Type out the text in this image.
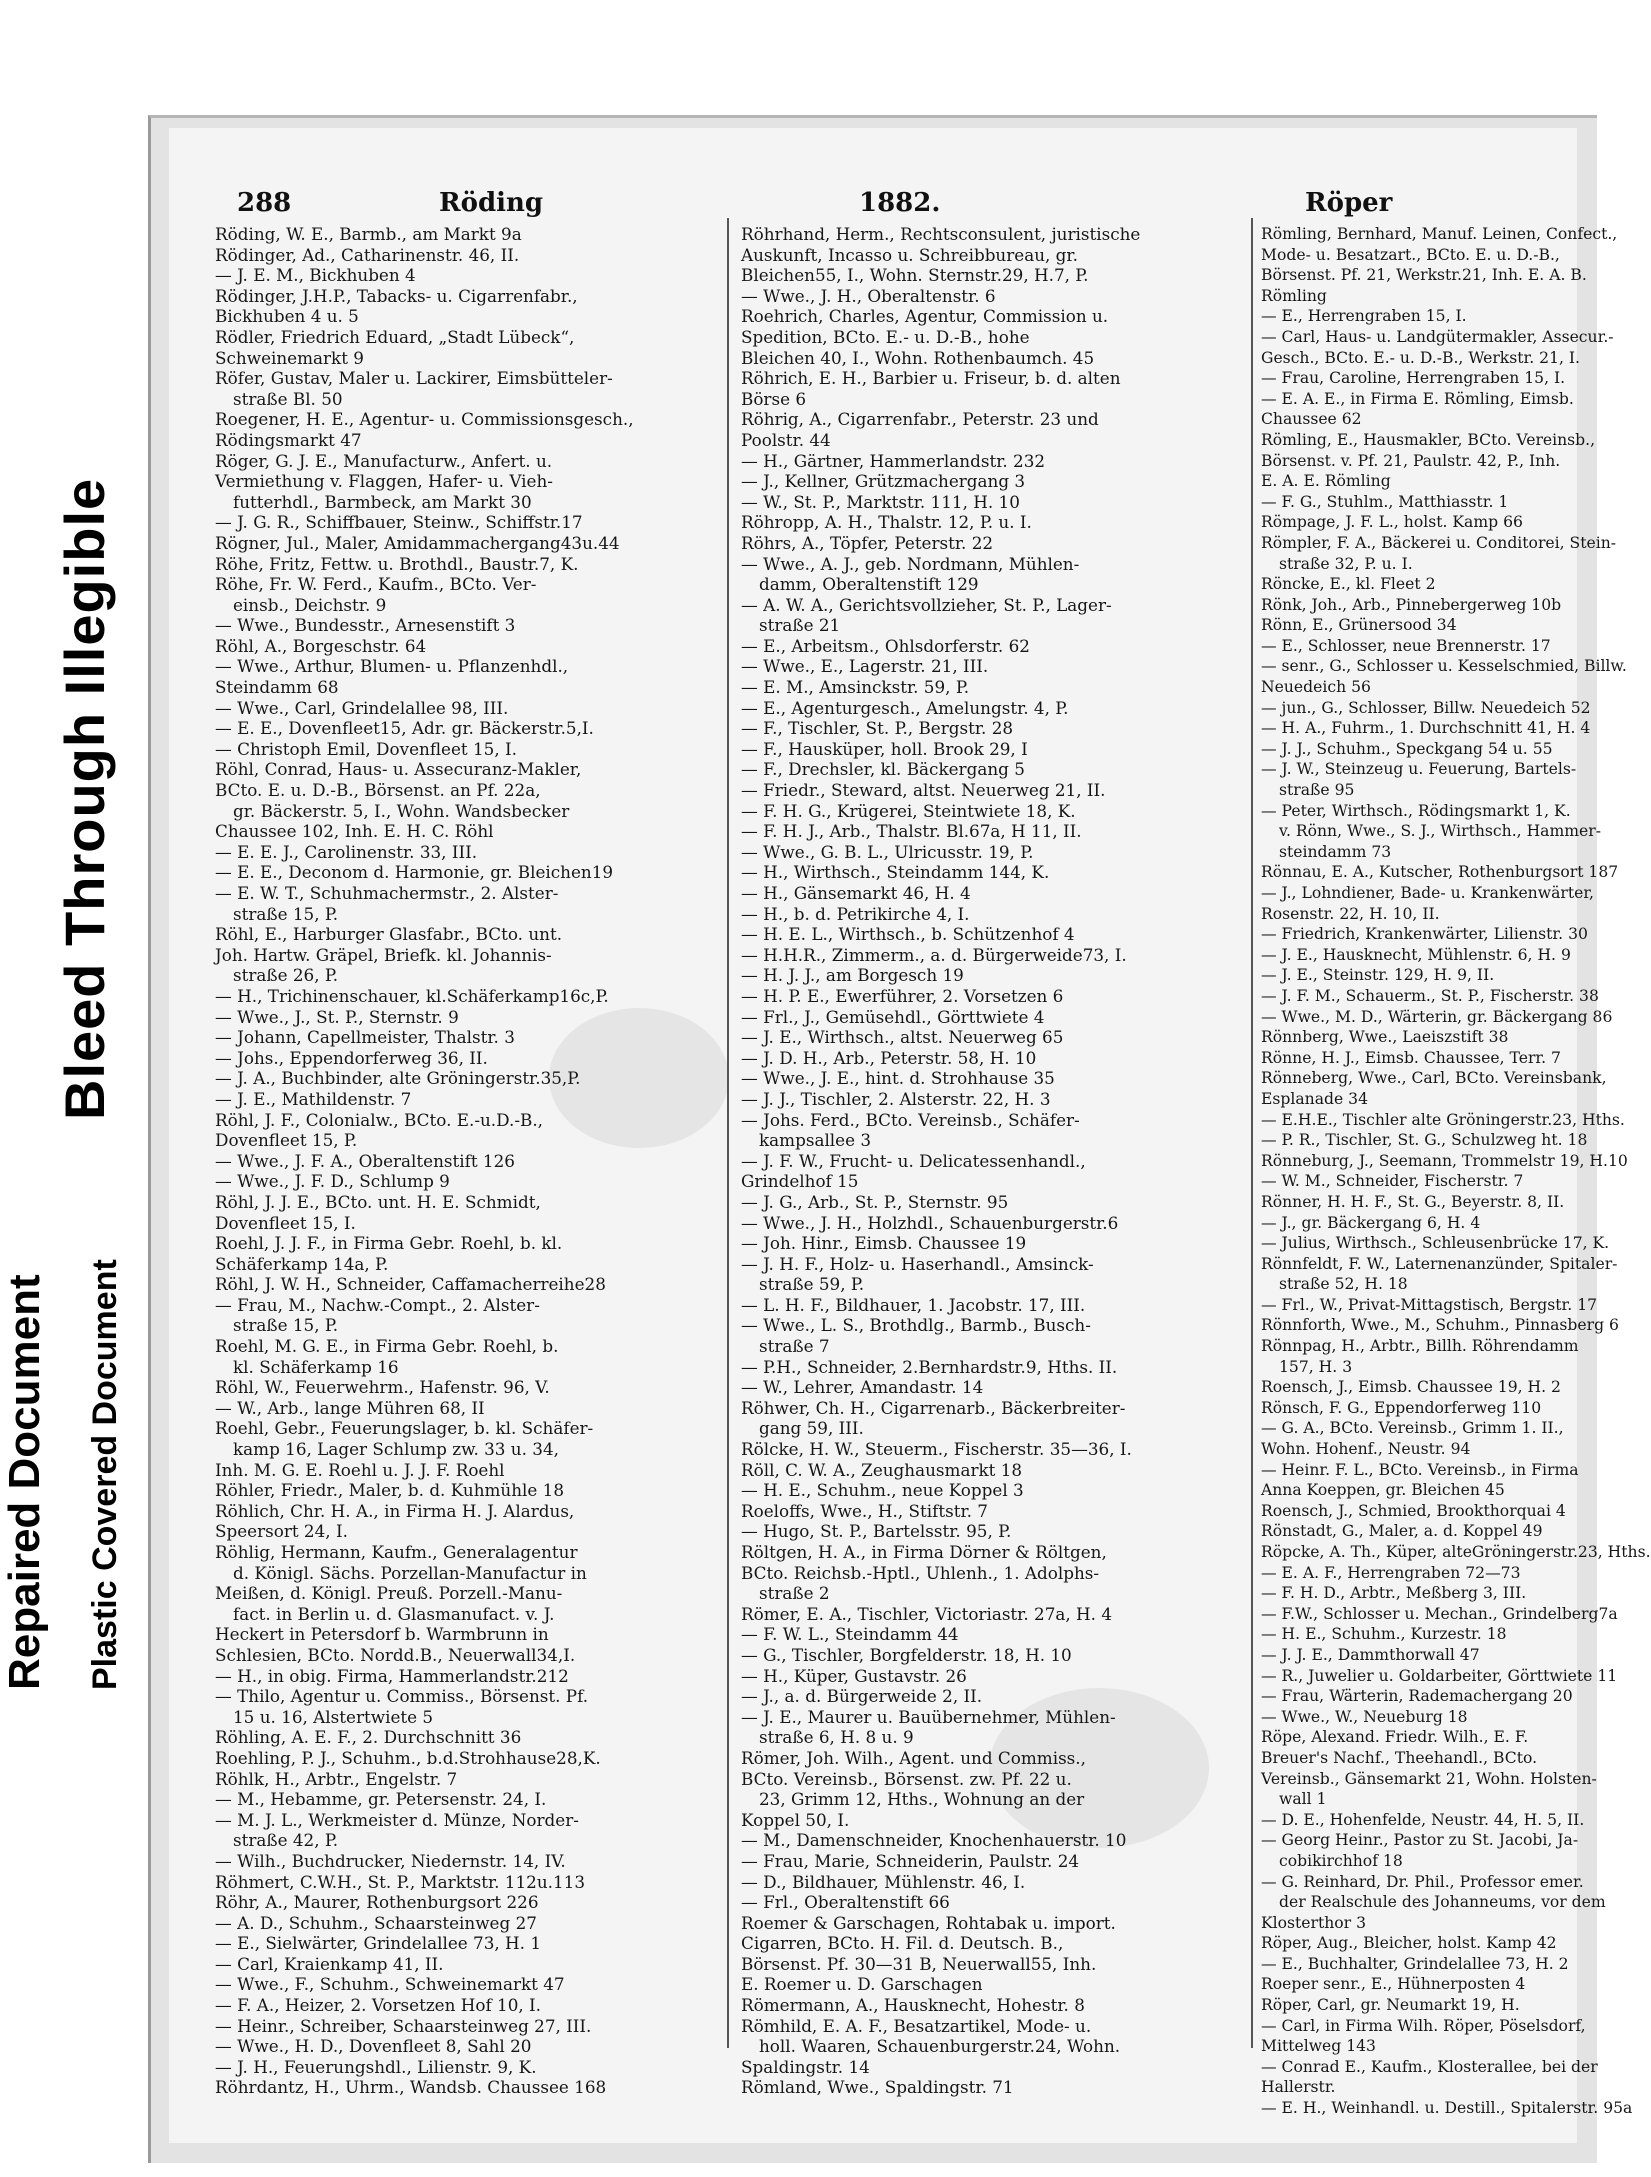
Repaired Document Plastic Covered Document
Bleed Through Illegible
288	Röding	1882.	Röper
Röding, W. E., Barmb., am Markt 9a
Rödinger, Ad., Catharinenstr. 46, II.
— J. E. M., Bickhuben 4
Rödinger, J.H.P., Tabacks- u. Cigarrenfabr.,
Bickhuben 4 u. 5
Rödler, Friedrich Eduard, „Stadt Lübeck“,
Schweinemarkt 9
Röfer, Gustav, Maler u. Lackirer, Eimsbütteler-
straße Bl. 50
Roegener, H. E., Agentur- u. Commissionsgesch.,
Rödingsmarkt 47
Röger, G. J. E., Manufacturw., Anfert. u.
Vermiethung v. Flaggen, Hafer- u. Vieh-
futterhdl., Barmbeck, am Markt 30
— J. G. R., Schiffbauer, Steinw., Schiffstr.17
Rögner, Jul., Maler, Amidammachergang43u.44
Röhe, Fritz, Fettw. u. Brothdl., Baustr.7, K.
Röhe, Fr. W. Ferd., Kaufm., BCto. Ver-
einsb., Deichstr. 9
— Wwe., Bundesstr., Arnesenstift 3
Röhl, A., Borgeschstr. 64
— Wwe., Arthur, Blumen- u. Pflanzenhdl.,
Steindamm 68
— Wwe., Carl, Grindelallee 98, III.
— E. E., Dovenfleet15, Adr. gr. Bäckerstr.5,I.
— Christoph Emil, Dovenfleet 15, I.
Röhl, Conrad, Haus- u. Assecuranz-Makler,
BCto. E. u. D.-B., Börsenst. an Pf. 22a,
gr. Bäckerstr. 5, I., Wohn. Wandsbecker
Chaussee 102, Inh. E. H. C. Röhl
— E. E. J., Carolinenstr. 33, III.
— E. E., Deconom d. Harmonie, gr. Bleichen19
— E. W. T., Schuhmachermstr., 2. Alster-
straße 15, P.
Röhl, E., Harburger Glasfabr., BCto. unt.
Joh. Hartw. Gräpel, Briefk. kl. Johannis-
straße 26, P.
— H., Trichinenschauer, kl.Schäferkamp16c,P.
— Wwe., J., St. P., Sternstr. 9
— Johann, Capellmeister, Thalstr. 3
— Johs., Eppendorferweg 36, II.
— J. A., Buchbinder, alte Gröningerstr.35,P.
— J. E., Mathildenstr. 7
Röhl, J. F., Colonialw., BCto. E.-u.D.-B.,
Dovenfleet 15, P.
— Wwe., J. F. A., Oberaltenstift 126
— Wwe., J. F. D., Schlump 9
Röhl, J. J. E., BCto. unt. H. E. Schmidt,
Dovenfleet 15, I.
Roehl, J. J. F., in Firma Gebr. Roehl, b. kl.
Schäferkamp 14a, P.
Röhl, J. W. H., Schneider, Caffamacherreihe28
— Frau, M., Nachw.-Compt., 2. Alster-
straße 15, P.
Roehl, M. G. E., in Firma Gebr. Roehl, b.
kl. Schäferkamp 16
Röhl, W., Feuerwehrm., Hafenstr. 96, V.
— W., Arb., lange Mühren 68, II
Roehl, Gebr., Feuerungslager, b. kl. Schäfer-
kamp 16, Lager Schlump zw. 33 u. 34,
Inh. M. G. E. Roehl u. J. J. F. Roehl
Röhler, Friedr., Maler, b. d. Kuhmühle 18
Röhlich, Chr. H. A., in Firma H. J. Alardus,
Speersort 24, I.
Röhlig, Hermann, Kaufm., Generalagentur
d. Königl. Sächs. Porzellan-Manufactur in
Meißen, d. Königl. Preuß. Porzell.-Manu-
fact. in Berlin u. d. Glasmanufact. v. J.
Heckert in Petersdorf b. Warmbrunn in
Schlesien, BCto. Nordd.B., Neuerwall34,I.
— H., in obig. Firma, Hammerlandstr.212
— Thilo, Agentur u. Commiss., Börsenst. Pf.
15 u. 16, Alstertwiete 5
Röhling, A. E. F., 2. Durchschnitt 36
Roehling, P. J., Schuhm., b.d.Strohhause28,K.
Röhlk, H., Arbtr., Engelstr. 7
— M., Hebamme, gr. Petersenstr. 24, I.
— M. J. L., Werkmeister d. Münze, Norder-
straße 42, P.
— Wilh., Buchdrucker, Niedernstr. 14, IV.
Röhmert, C.W.H., St. P., Marktstr. 112u.113
Röhr, A., Maurer, Rothenburgsort 226
— A. D., Schuhm., Schaarsteinweg 27
— E., Sielwärter, Grindelallee 73, H. 1
— Carl, Kraienkamp 41, II.
— Wwe., F., Schuhm., Schweinemarkt 47
— F. A., Heizer, 2. Vorsetzen Hof 10, I.
— Heinr., Schreiber, Schaarsteinweg 27, III.
— Wwe., H. D., Dovenfleet 8, Sahl 20
— J. H., Feuerungshdl., Lilienstr. 9, K.
Röhrdantz, H., Uhrm., Wandsb. Chaussee 168
Röhrhand, Herm., Rechtsconsulent, juristische
Auskunft, Incasso u. Schreibbureau, gr.
Bleichen55, I., Wohn. Sternstr.29, H.7, P.
— Wwe., J. H., Oberaltenstr. 6
Roehrich, Charles, Agentur, Commission u.
Spedition, BCto. E.- u. D.-B., hohe
Bleichen 40, I., Wohn. Rothenbaumch. 45
Röhrich, E. H., Barbier u. Friseur, b. d. alten
Börse 6
Röhrig, A., Cigarrenfabr., Peterstr. 23 und
Poolstr. 44
— H., Gärtner, Hammerlandstr. 232
— J., Kellner, Grützmachergang 3
— W., St. P., Marktstr. 111, H. 10
Röhropp, A. H., Thalstr. 12, P. u. I.
Röhrs, A., Töpfer, Peterstr. 22
— Wwe., A. J., geb. Nordmann, Mühlen-
damm, Oberaltenstift 129
— A. W. A., Gerichtsvollzieher, St. P., Lager-
straße 21
— E., Arbeitsm., Ohlsdorferstr. 62
— Wwe., E., Lagerstr. 21, III.
— E. M., Amsinckstr. 59, P.
— E., Agenturgesch., Amelungstr. 4, P.
— F., Tischler, St. P., Bergstr. 28
— F., Hausküper, holl. Brook 29, I
— F., Drechsler, kl. Bäckergang 5
— Friedr., Steward, altst. Neuerweg 21, II.
— F. H. G., Krügerei, Steintwiete 18, K.
— F. H. J., Arb., Thalstr. Bl.67a, H 11, II.
— Wwe., G. B. L., Ulricusstr. 19, P.
— H., Wirthsch., Steindamm 144, K.
— H., Gänsemarkt 46, H. 4
— H., b. d. Petrikirche 4, I.
— H. E. L., Wirthsch., b. Schützenhof 4
— H.H.R., Zimmerm., a. d. Bürgerweide73, I.
— H. J. J., am Borgesch 19
— H. P. E., Ewerführer, 2. Vorsetzen 6
— Frl., J., Gemüsehdl., Görttwiete 4
— J. E., Wirthsch., altst. Neuerweg 65
— J. D. H., Arb., Peterstr. 58, H. 10
— Wwe., J. E., hint. d. Strohhause 35
— J. J., Tischler, 2. Alsterstr. 22, H. 3
— Johs. Ferd., BCto. Vereinsb., Schäfer-
kampsallee 3
— J. F. W., Frucht- u. Delicatessenhandl.,
Grindelhof 15
— J. G., Arb., St. P., Sternstr. 95
— Wwe., J. H., Holzhdl., Schauenburgerstr.6
— Joh. Hinr., Eimsb. Chaussee 19
— J. H. F., Holz- u. Haserhandl., Amsinck-
straße 59, P.
— L. H. F., Bildhauer, 1. Jacobstr. 17, III.
— Wwe., L. S., Brothdlg., Barmb., Busch-
straße 7
— P.H., Schneider, 2.Bernhardstr.9, Hths. II.
— W., Lehrer, Amandastr. 14
Röhwer, Ch. H., Cigarrenarb., Bäckerbreiter-
gang 59, III.
Rölcke, H. W., Steuerm., Fischerstr. 35—36, I.
Röll, C. W. A., Zeughausmarkt 18
— H. E., Schuhm., neue Koppel 3
Roeloffs, Wwe., H., Stiftstr. 7
— Hugo, St. P., Bartelsstr. 95, P.
Röltgen, H. A., in Firma Dörner & Röltgen,
BCto. Reichsb.-Hptl., Uhlenh., 1. Adolphs-
straße 2
Römer, E. A., Tischler, Victoriastr. 27a, H. 4
— F. W. L., Steindamm 44
— G., Tischler, Borgfelderstr. 18, H. 10
— H., Küper, Gustavstr. 26
— J., a. d. Bürgerweide 2, II.
— J. E., Maurer u. Bauübernehmer, Mühlen-
straße 6, H. 8 u. 9
Römer, Joh. Wilh., Agent. und Commiss.,
BCto. Vereinsb., Börsenst. zw. Pf. 22 u.
23, Grimm 12, Hths., Wohnung an der
Koppel 50, I.
— M., Damenschneider, Knochenhauerstr. 10
— Frau, Marie, Schneiderin, Paulstr. 24
— D., Bildhauer, Mühlenstr. 46, I.
— Frl., Oberaltenstift 66
Roemer & Garschagen, Rohtabak u. import.
Cigarren, BCto. H. Fil. d. Deutsch. B.,
Börsenst. Pf. 30—31 B, Neuerwall55, Inh.
E. Roemer u. D. Garschagen
Römermann, A., Hausknecht, Hohestr. 8
Römhild, E. A. F., Besatzartikel, Mode- u.
holl. Waaren, Schauenburgerstr.24, Wohn.
Spaldingstr. 14
Römland, Wwe., Spaldingstr. 71
Römling, Bernhard, Manuf. Leinen, Confect.,
Mode- u. Besatzart., BCto. E. u. D.-B.,
Börsenst. Pf. 21, Werkstr.21, Inh. E. A. B.
Römling
— E., Herrengraben 15, I.
— Carl, Haus- u. Landgütermakler, Assecur.-
Gesch., BCto. E.- u. D.-B., Werkstr. 21, I.
— Frau, Caroline, Herrengraben 15, I.
— E. A. E., in Firma E. Römling, Eimsb.
Chaussee 62
Römling, E., Hausmakler, BCto. Vereinsb.,
Börsenst. v. Pf. 21, Paulstr. 42, P., Inh.
E. A. E. Römling
— F. G., Stuhlm., Matthiasstr. 1
Römpage, J. F. L., holst. Kamp 66
Römpler, F. A., Bäckerei u. Conditorei, Stein-
straße 32, P. u. I.
Röncke, E., kl. Fleet 2
Rönk, Joh., Arb., Pinnebergerweg 10b
Rönn, E., Grünersood 34
— E., Schlosser, neue Brennerstr. 17
— senr., G., Schlosser u. Kesselschmied, Billw.
Neuedeich 56
— jun., G., Schlosser, Billw. Neuedeich 52
— H. A., Fuhrm., 1. Durchschnitt 41, H. 4
— J. J., Schuhm., Speckgang 54 u. 55
— J. W., Steinzeug u. Feuerung, Bartels-
straße 95
— Peter, Wirthsch., Rödingsmarkt 1, K.
v. Rönn, Wwe., S. J., Wirthsch., Hammer-
steindamm 73
Rönnau, E. A., Kutscher, Rothenburgsort 187
— J., Lohndiener, Bade- u. Krankenwärter,
Rosenstr. 22, H. 10, II.
— Friedrich, Krankenwärter, Lilienstr. 30
— J. E., Hausknecht, Mühlenstr. 6, H. 9
— J. E., Steinstr. 129, H. 9, II.
— J. F. M., Schauerm., St. P., Fischerstr. 38
— Wwe., M. D., Wärterin, gr. Bäckergang 86
Rönnberg, Wwe., Laeiszstift 38
Rönne, H. J., Eimsb. Chaussee, Terr. 7
Rönneberg, Wwe., Carl, BCto. Vereinsbank,
Esplanade 34
— E.H.E., Tischler alte Gröningerstr.23, Hths.
— P. R., Tischler, St. G., Schulzweg ht. 18
Rönneburg, J., Seemann, Trommelstr 19, H.10
— W. M., Schneider, Fischerstr. 7
Rönner, H. H. F., St. G., Beyerstr. 8, II.
— J., gr. Bäckergang 6, H. 4
— Julius, Wirthsch., Schleusenbrücke 17, K.
Rönnfeldt, F. W., Laternenanzünder, Spitaler-
straße 52, H. 18
— Frl., W., Privat-Mittagstisch, Bergstr. 17
Rönnforth, Wwe., M., Schuhm., Pinnasberg 6
Rönnpag, H., Arbtr., Billh. Röhrendamm
157, H. 3
Roensch, J., Eimsb. Chaussee 19, H. 2
Rönsch, F. G., Eppendorferweg 110
— G. A., BCto. Vereinsb., Grimm 1. II.,
Wohn. Hohenf., Neustr. 94
— Heinr. F. L., BCto. Vereinsb., in Firma
Anna Koeppen, gr. Bleichen 45
Roensch, J., Schmied, Brookthorquai 4
Rönstadt, G., Maler, a. d. Koppel 49
Röpcke, A. Th., Küper, alteGröningerstr.23, Hths.
— E. A. F., Herrengraben 72—73
— F. H. D., Arbtr., Meßberg 3, III.
— F.W., Schlosser u. Mechan., Grindelberg7a
— H. E., Schuhm., Kurzestr. 18
— J. J. E., Dammthorwall 47
— R., Juwelier u. Goldarbeiter, Görttwiete 11
— Frau, Wärterin, Rademachergang 20
— Wwe., W., Neueburg 18
Röpe, Alexand. Friedr. Wilh., E. F.
Breuer's Nachf., Theehandl., BCto.
Vereinsb., Gänsemarkt 21, Wohn. Holsten-
wall 1
— D. E., Hohenfelde, Neustr. 44, H. 5, II.
— Georg Heinr., Pastor zu St. Jacobi, Ja-
cobikirchhof 18
— G. Reinhard, Dr. Phil., Professor emer.
der Realschule des Johanneums, vor dem
Klosterthor 3
Röper, Aug., Bleicher, holst. Kamp 42
— E., Buchhalter, Grindelallee 73, H. 2
Roeper senr., E., Hühnerposten 4
Röper, Carl, gr. Neumarkt 19, H.
— Carl, in Firma Wilh. Röper, Pöselsdorf,
Mittelweg 143
— Conrad E., Kaufm., Klosterallee, bei der
Hallerstr.
— E. H., Weinhandl. u. Destill., Spitalerstr. 95a
